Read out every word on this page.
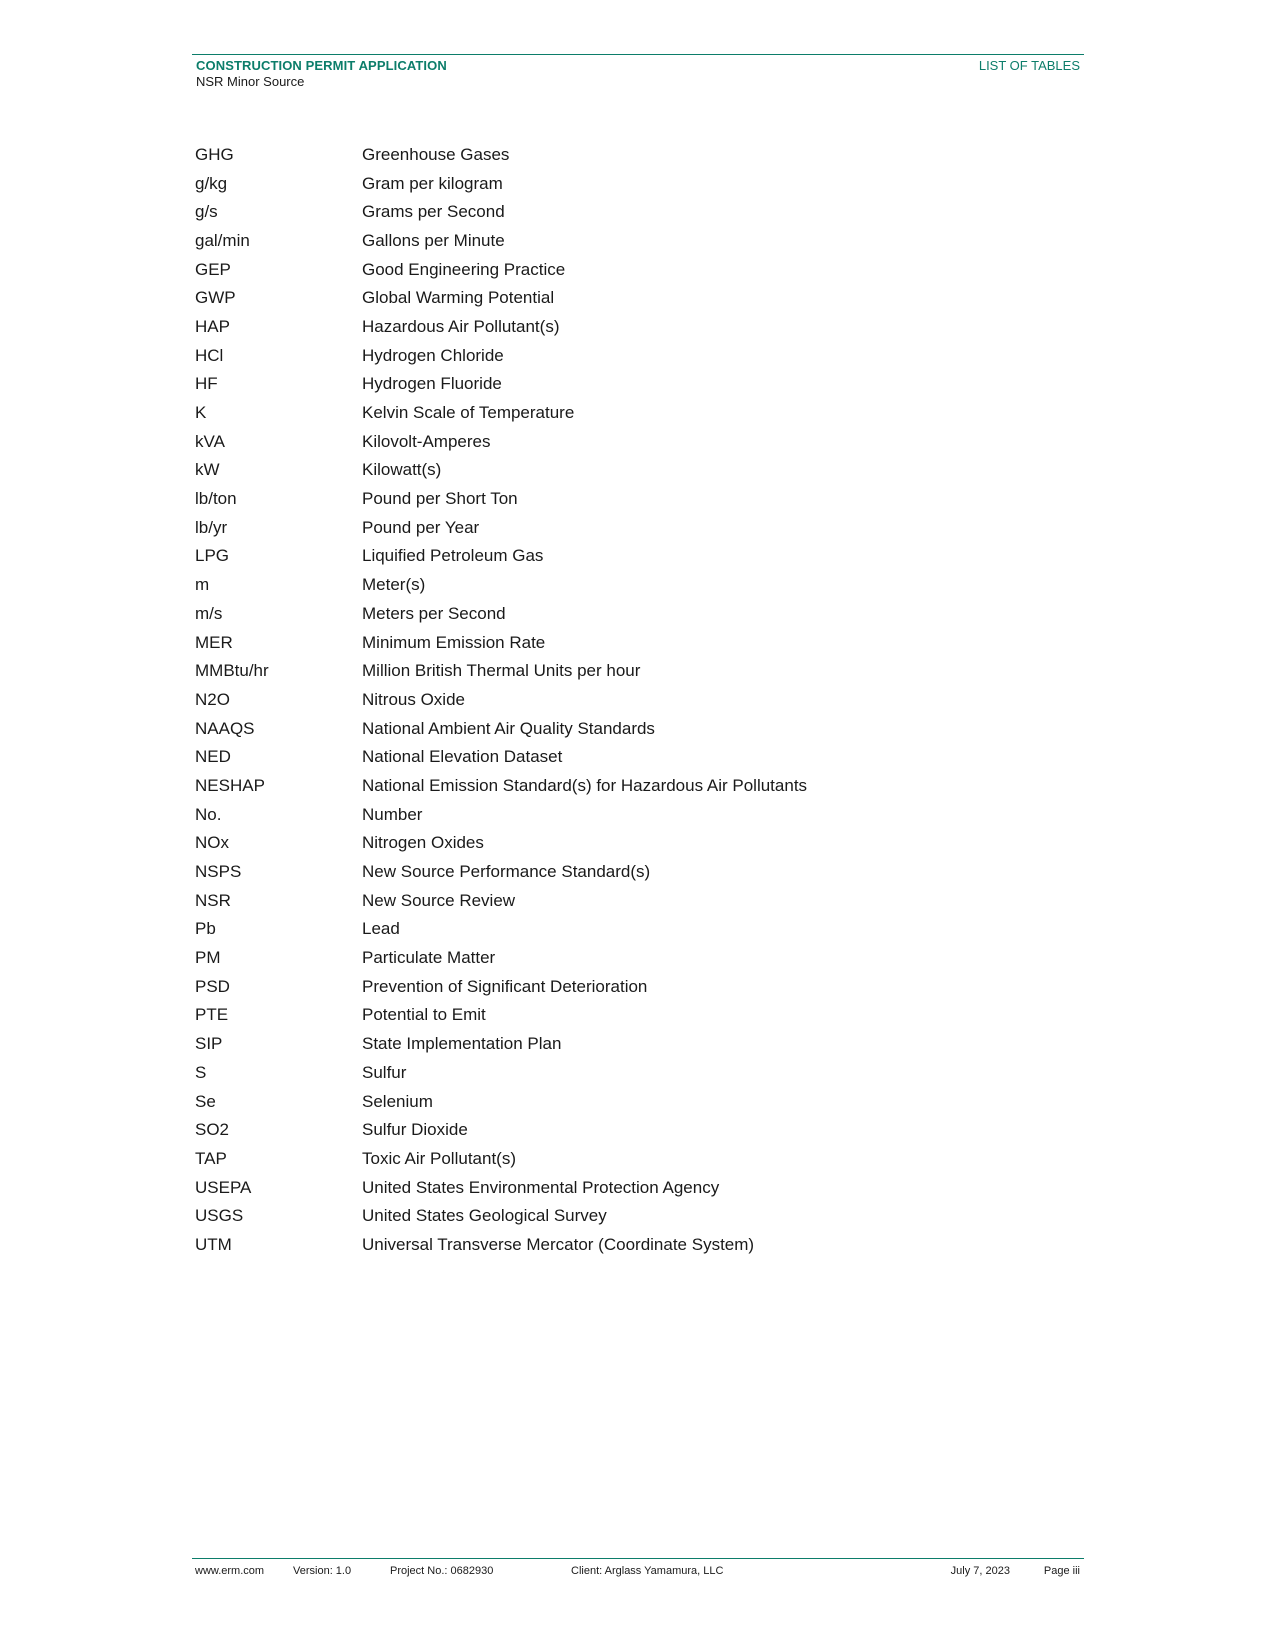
CONSTRUCTION PERMIT APPLICATION
NSR Minor Source
LIST OF TABLES
GHG	Greenhouse Gases
g/kg	Gram per kilogram
g/s	Grams per Second
gal/min	Gallons per Minute
GEP	Good Engineering Practice
GWP	Global Warming Potential
HAP	Hazardous Air Pollutant(s)
HCl	Hydrogen Chloride
HF	Hydrogen Fluoride
K	Kelvin Scale of Temperature
kVA	Kilovolt-Amperes
kW	Kilowatt(s)
lb/ton	Pound per Short Ton
lb/yr	Pound per Year
LPG	Liquified Petroleum Gas
m	Meter(s)
m/s	Meters per Second
MER	Minimum Emission Rate
MMBtu/hr	Million British Thermal Units per hour
N2O	Nitrous Oxide
NAAQS	National Ambient Air Quality Standards
NED	National Elevation Dataset
NESHAP	National Emission Standard(s) for Hazardous Air Pollutants
No.	Number
NOx	Nitrogen Oxides
NSPS	New Source Performance Standard(s)
NSR	New Source Review
Pb	Lead
PM	Particulate Matter
PSD	Prevention of Significant Deterioration
PTE	Potential to Emit
SIP	State Implementation Plan
S	Sulfur
Se	Selenium
SO2	Sulfur Dioxide
TAP	Toxic Air Pollutant(s)
USEPA	United States Environmental Protection Agency
USGS	United States Geological Survey
UTM	Universal Transverse Mercator (Coordinate System)
www.erm.com	Version: 1.0	Project No.: 0682930	Client: Arglass Yamamura, LLC	July 7, 2023	Page iii
